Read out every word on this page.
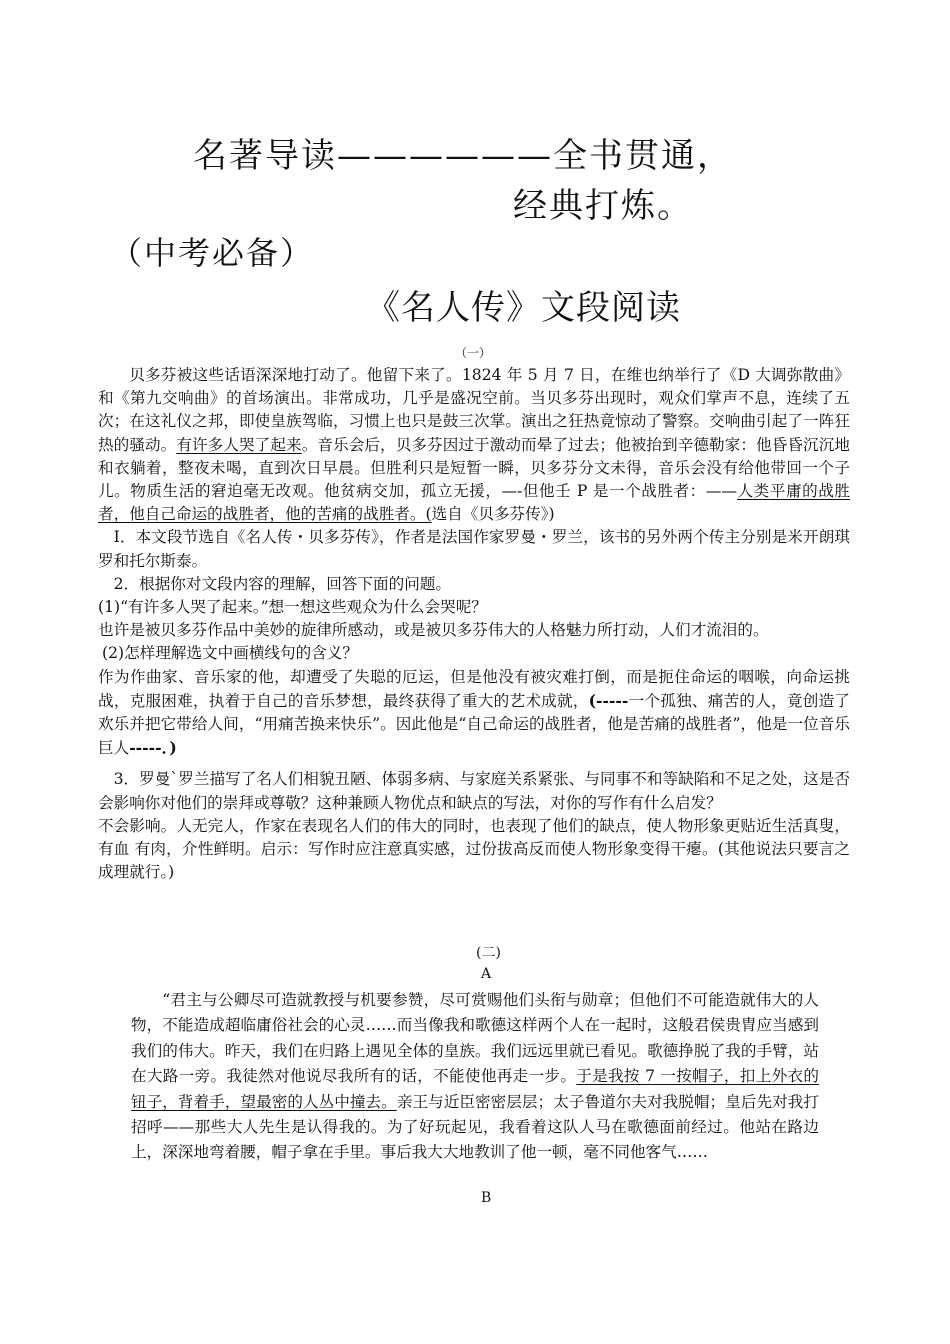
名著导读——————全书贯通，
经典打炼。
（中考必备）
《名人传》文段阅读
（一）

贝多芬被这些话语深深地打动了。他留下来了。1824 年 5 月 7 日，在维也纳举行了《D 大调弥散曲》和《第九交响曲》的首场演出。非常成功，几乎是盛况空前。当贝多芬出现时，观众们掌声不息，连续了五次；在这礼仪之邦，即使皇族驾临，习惯上也只是鼓三次掌。演出之狂热竟惊动了警察。交响曲引起了一阵狂热的骚动。有许多人哭了起来。音乐会后，贝多芬因过于激动而晕了过去；他被抬到辛德勒家：他昏昏沉沉地和衣躺着，整夜未喝，直到次日早晨。但胜利只是短暂一瞬，贝多芬分文未得，音乐会没有给他带回一个子儿。物质生活的窘迫毫无改观。他贫病交加，孤立无援，—-但他壬 P 是一个战胜者：——人类平庸的战胜者，他自己命运的战胜者，他的苦痛的战胜者。(选自《贝多芬传》)

I．本文段节选自《名人传・贝多芬传》，作者是法国作家罗曼・罗兰，该书的另外两个传主分别是米开朗琪罗和托尔斯泰。

2．根据你对文段内容的理解，回答下面的问题。

(1)“有许多人哭了起来。”想一想这些观众为什么会哭呢？

也许是被贝多芬作品中美妙的旋律所感动，或是被贝多芬伟大的人格魅力所打动，人们才流泪的。

(2)怎样理解选文中画横线句的含义？

作为作曲家、音乐家的他，却遭受了失聪的厄运，但是他没有被灾难打倒，而是扼住命运的咽喉，向命运挑战，克服困难，执着于自己的音乐梦想，最终获得了重大的艺术成就，(-----一个孤独、痛苦的人，竟创造了欢乐并把它带给人间，“用痛苦换来快乐”。因此他是“自己命运的战胜者，他是苦痛的战胜者”，他是一位音乐巨人-----．)

3．罗曼`罗兰描写了名人们相貌丑陋、体弱多病、与家庭关系紧张、与同事不和等缺陷和不足之处，这是否会影响你对他们的崇拜或尊敬？这种兼顾人物优点和缺点的写法，对你的写作有什么启发？

不会影响。人无完人，作家在表现名人们的伟大的同时，也表现了他们的缺点，使人物形象更贴近生活真叟，有血 有肉，介性鲜明。启示：写作时应注意真实感，过份拔高反而使人物形象变得干瘪。(其他说法只要言之成理就行。)

(二)
A

“君主与公卿尽可造就教授与机要参赞，尽可赏赐他们头衔与勋章；但他们不可能造就伟大的人物，不能造成超临庸俗社会的心灵……而当像我和歌德这样两个人在一起时，这般君侯贵胄应当感到我们的伟大。昨天，我们在归路上遇见全体的皇族。我们远远里就已看见。歌德挣脱了我的手臂，站在大路一旁。我徒然对他说尽我所有的话，不能使他再走一步。于是我按 7 一按帽子，扣上外衣的钮子，背着手，望最密的人丛中撞去。亲王与近臣密密层层；太子鲁道尔夫对我脱帽；皇后先对我打招呼——那些大人先生是认得我的。为了好玩起见，我看着这队人马在歌德面前经过。他站在路边上，深深地弯着腰，帽子拿在手里。事后我大大地教训了他一顿，毫不同他客气……

B
